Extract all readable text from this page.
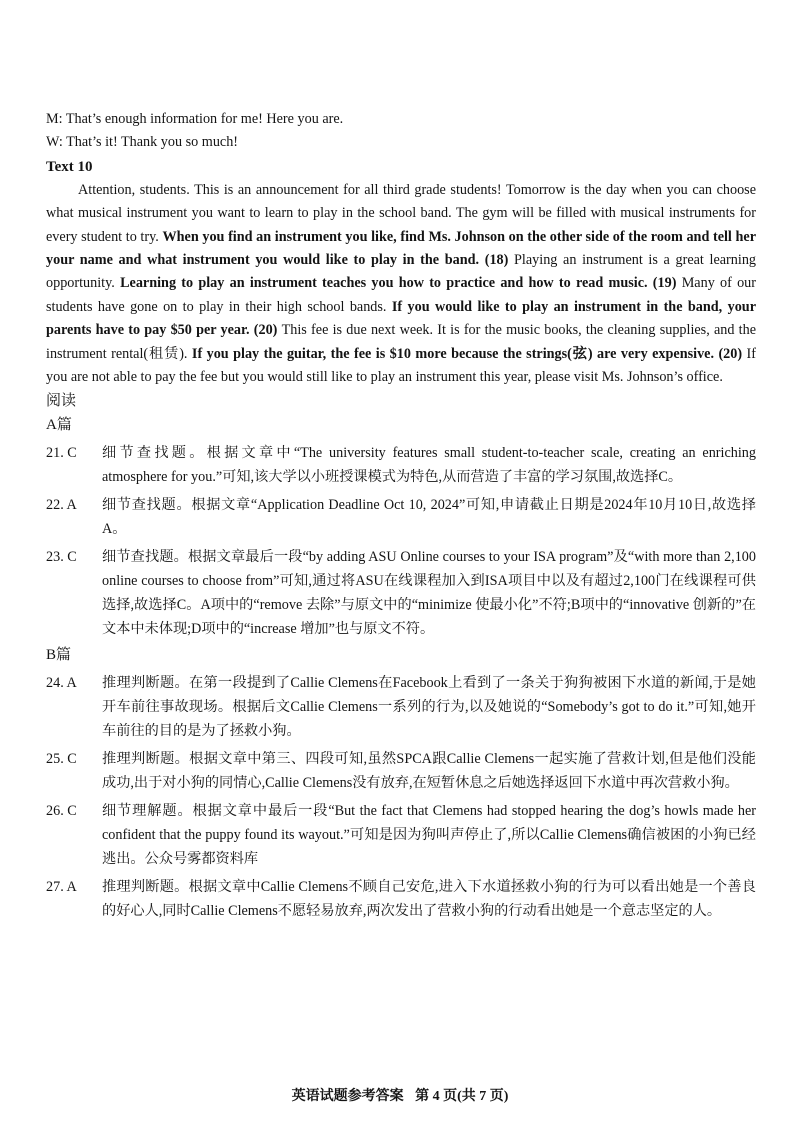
M: That’s enough information for me! Here you are.

W: That’s it! Thank you so much!

Text 10

Attention, students. This is an announcement for all third grade students! Tomorrow is the day when you can choose what musical instrument you want to learn to play in the school band. The gym will be filled with musical instruments for every student to try. When you find an instrument you like, find Ms. Johnson on the other side of the room and tell her your name and what instrument you would like to play in the band. (18) Playing an instrument is a great learning opportunity. Learning to play an instrument teaches you how to practice and how to read music. (19) Many of our students have gone on to play in their high school bands. If you would like to play an instrument in the band, your parents have to pay $50 per year. (20) This fee is due next week. It is for the music books, the cleaning supplies, and the instrument rental(租赁). If you play the guitar, the fee is $10 more because the strings(弦) are very expensive. (20) If you are not able to pay the fee but you would still like to play an instrument this year, please visit Ms. Johnson’s office.

阅读

A篇

21. C 细节查找题。根据文章中“The university features small student-to-teacher scale, creating an enriching atmosphere for you.”可知,该大学以小班授课模式为特色,从而营造了丰富的学习氛围,故选择C。
22. A 细节查找题。根据文章“Application Deadline Oct 10, 2024”可知,申请截止日期是2024年10月10日,故选择A。
23. C 细节查找题。根据文章最后一段“by adding ASU Online courses to your ISA program”及“with more than 2,100 online courses to choose from”可知,通过将ASU在线课程加入到ISA项目中以及有超过2,100门在线课程可供选择,故选择C。A项中的“remove 去除”与原文中的“minimize 使最小化”不符;B项中的“innovative 创新的”在文本中未体现;D项中的“increase 增加”也与原文不符。

B篇

24. A 推理判断题。在第一段提到了Callie Clemens在Facebook上看到了一条关于狗狗被困下水道的新闻,于是她开车前往事故现场。根据后文Callie Clemens一系列的行为,以及她说的“Somebody’s got to do it.”可知,她开车前往的目的是为了拯救小狗。
25. C 推理判断题。根据文章中第三、四段可知,虽然SPCA跟Callie Clemens一起实施了营救计划,但是他们没能成功,出于对小狗的同情心,Callie Clemens没有放弃,在短暂休息之后她选择返回下水道中再次营救小狗。
26. C 细节理解题。根据文章中最后一段“But the fact that Clemens had stopped hearing the dog’s howls made her confident that the puppy found its wayout.”可知是因为狗叫声停止了,所以Callie Clemens确信被困的小狗已经逃出。公众号雾都资料库
27. A 推理判断题。根据文章中Callie Clemens不顾自己安危,进入下水道拯救小狗的行为可以看出她是一个善良的好心人,同时Callie Clemens不愿轻易放弃,两次发出了营救小狗的行动看出她是一个意志坚定的人。
英语试题参考答案 第 4 页(共 7 页)
